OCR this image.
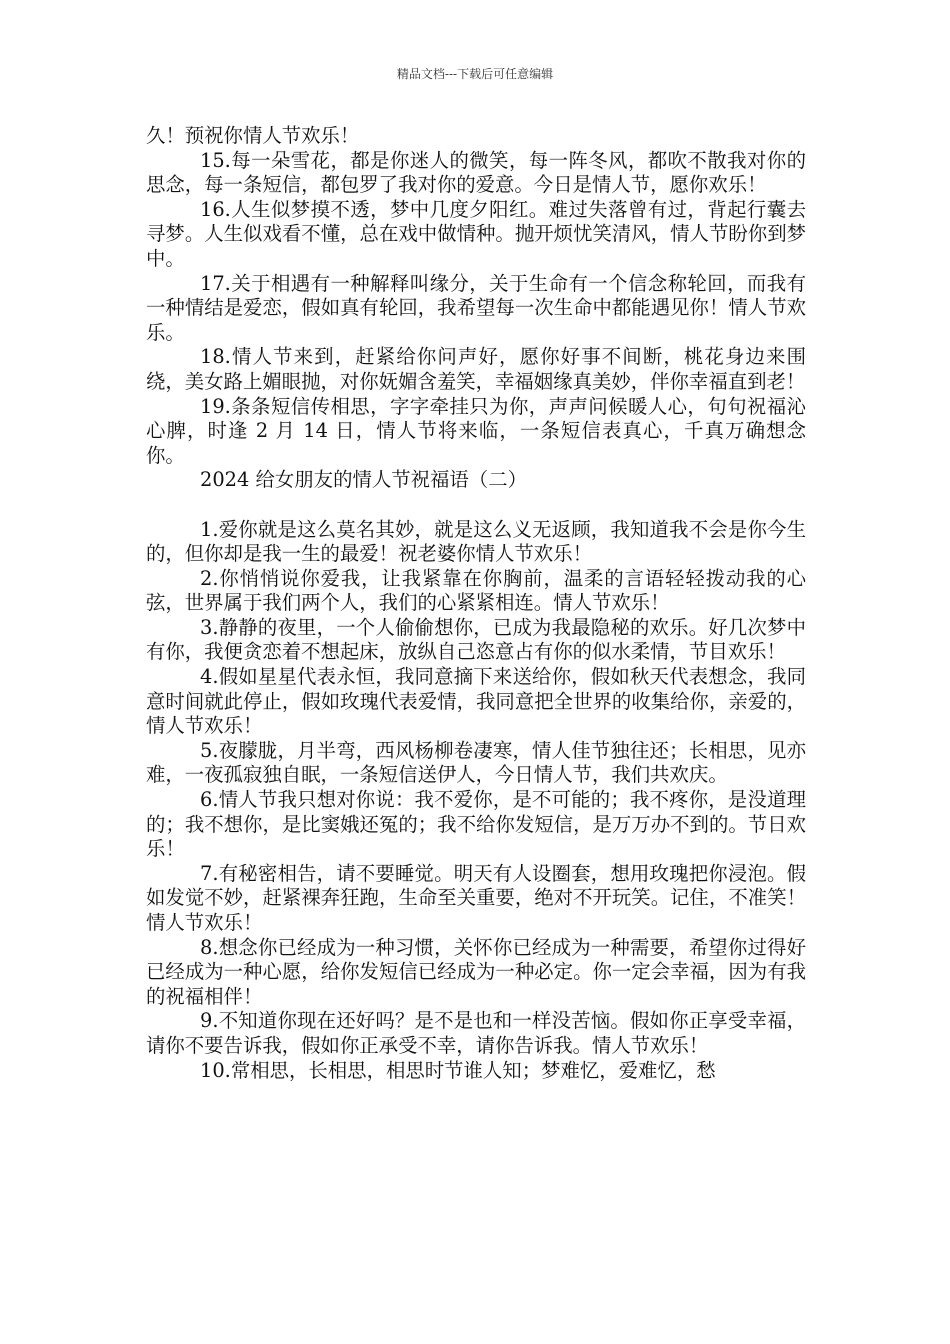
精品文档---下载后可任意编辑

久！预祝你情人节欢乐！

15.每一朵雪花，都是你迷人的微笑，每一阵冬风，都吹不散我对你的思念，每一条短信，都包罗了我对你的爱意。今日是情人节，愿你欢乐！

16.人生似梦摸不透，梦中几度夕阳红。难过失落曾有过，背起行囊去寻梦。人生似戏看不懂，总在戏中做情种。抛开烦忧笑清风，情人节盼你到梦中。

17.关于相遇有一种解释叫缘分，关于生命有一个信念称轮回，而我有一种情结是爱恋，假如真有轮回，我希望每一次生命中都能遇见你！情人节欢乐。

18.情人节来到，赶紧给你问声好，愿你好事不间断，桃花身边来围绕，美女路上媚眼抛，对你妩媚含羞笑，幸福姻缘真美妙，伴你幸福直到老！

19.条条短信传相思，字字牵挂只为你，声声问候暖人心，句句祝福沁心脾，时逢 2 月 14 日，情人节将来临，一条短信表真心，千真万确想念你。

2024 给女朋友的情人节祝福语（二）

1.爱你就是这么莫名其妙，就是这么义无返顾，我知道我不会是你今生的，但你却是我一生的最爱！祝老婆你情人节欢乐！

2.你悄悄说你爱我，让我紧靠在你胸前，温柔的言语轻轻拨动我的心弦，世界属于我们两个人，我们的心紧紧相连。情人节欢乐！

3.静静的夜里，一个人偷偷想你，已成为我最隐秘的欢乐。好几次梦中有你，我便贪恋着不想起床，放纵自己恣意占有你的似水柔情，节目欢乐！

4.假如星星代表永恒，我同意摘下来送给你，假如秋天代表想念，我同意时间就此停止，假如玫瑰代表爱情，我同意把全世界的收集给你，亲爱的，情人节欢乐！

5.夜朦胧，月半弯，西风杨柳卷凄寒，情人佳节独往还；长相思，见亦难，一夜孤寂独自眠，一条短信送伊人，今日情人节，我们共欢庆。

6.情人节我只想对你说：我不爱你，是不可能的；我不疼你，是没道理的；我不想你，是比窦娥还冤的；我不给你发短信，是万万办不到的。节日欢乐！

7.有秘密相告，请不要睡觉。明天有人设圈套，想用玫瑰把你浸泡。假如发觉不妙，赶紧裸奔狂跑，生命至关重要，绝对不开玩笑。记住，不准笑！情人节欢乐！

8.想念你已经成为一种习惯，关怀你已经成为一种需要，希望你过得好已经成为一种心愿，给你发短信已经成为一种必定。你一定会幸福，因为有我的祝福相伴！

9.不知道你现在还好吗？是不是也和一样没苦恼。假如你正享受幸福，请你不要告诉我，假如你正承受不幸，请你告诉我。情人节欢乐！

10.常相思，长相思，相思时节谁人知；梦难忆，爱难忆，愁
